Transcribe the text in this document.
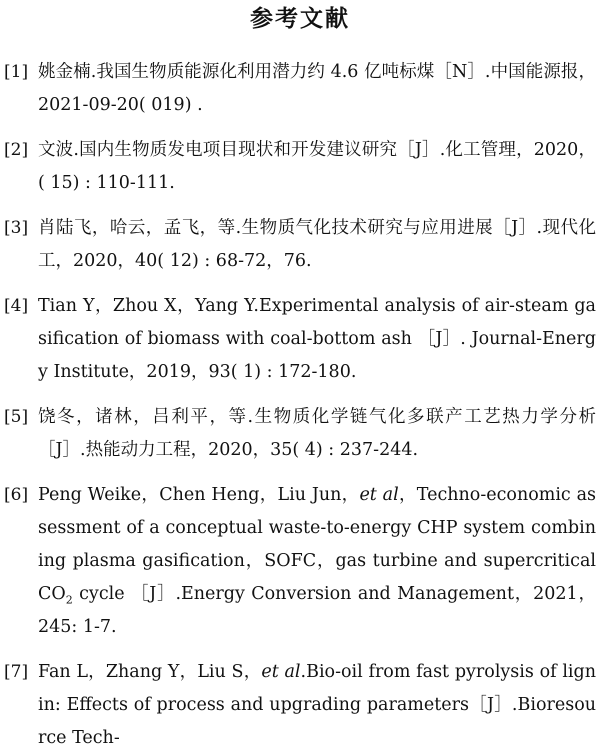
参考文献
[1] 姚金楠.我国生物质能源化利用潜力约 4.6 亿吨标煤［N］.中国能源报，2021-09-20( 019) .
[2] 文波.国内生物质发电项目现状和开发建议研究［J］.化工管理，2020，( 15) : 110-111.
[3] 肖陆飞，哈云，孟飞，等.生物质气化技术研究与应用进展［J］.现代化工，2020，40( 12) : 68-72，76.
[4] Tian Y，Zhou X，Yang Y.Experimental analysis of air-steam gasification of biomass with coal-bottom ash ［J］. Journal-Energy Institute，2019，93( 1) : 172-180.
[5] 饶冬，诸林，吕利平，等.生物质化学链气化多联产工艺热力学分析［J］.热能动力工程，2020，35( 4) : 237-244.
[6] Peng Weike，Chen Heng，Liu Jun，et al，Techno-economic assessment of a conceptual waste-to-energy CHP system combining plasma gasification，SOFC，gas turbine and supercritical $CO_2$ cycle ［J］.Energy Conversion and Management，2021，245: 1-7.
[7] Fan L，Zhang Y，Liu S，et al.Bio-oil from fast pyrolysis of lignin: Effects of process and upgrading parameters［J］.Bioresource Tech-
